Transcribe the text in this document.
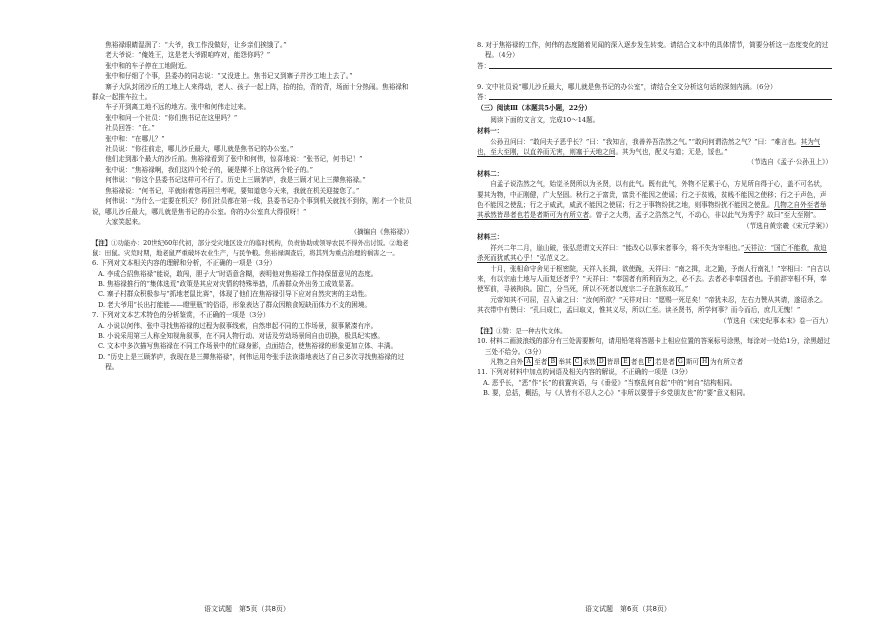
焦裕禄眼睛湿润了：“大爷，我工作没做好，让乡亲们挨饿了。”

老大爷说：“俺姓王，这是老大爷跟咱咋对，能怨你吗？”

张中和的车子停在工地附近。

张中和仔细了个事，县委办的同志说：“又没进上。焦书记又到寨子井沙工地上去了。”

寨子大队封闭沙丘的工地上人来得动，老人、孩子一起上阵，抬的抬，背的背，场面十分热闹。焦裕禄和群众一起推车拉土。

车子开到离工地不远的地方。张中和何伟走过来。

张中和问一个社员：“你们焦书记在这里吗？”

社员回答：“在。”

张中和：“在哪儿？”

社员说：“你往前走，哪儿沙丘最大，哪儿就是焦书记的办公室。”

他们走到那个最大的沙丘前。焦裕禄看到了张中和何伟，惊喜地说：“张书记，何书记！”

张中说：“焦裕禄啊，我们这四个轮子的，硬是撵不上你这两个轮子的。”

何伟说：“你这个县委书记这样可不行了。历史上三顾茅庐，我是三顾才见上三撵焦裕禄。”

焦裕禄说：“何书记，平就盼着您再回兰考呢，要知道您今天来，我就在机关迎接您了。”

何伟说：“为什么一定要在机关？你们社员都在第一线，县委书记办个事到机关就找不到你，刚才一个社员说，哪儿沙丘最大，哪儿就是焦书记的办公室。你的办公室真大得很呀！”

大家笑起来。

（摘编自《焦裕禄》）

【注】①功能办：20世纪60年代初，部分受灾地区设立的临时机构，负责协助或领导农民不得外出讨饭。②地老鼠：田鼠。灾荒时期，地老鼠严重破坏农业生产，与民争粮。焦裕禄调查后，将其列为重点治理的祸害之一。

6. 下列对文本相关内容的理解和分析，不正确的一项是（3分）

A. 李成合招焦裕禄“能说，敢闯，胆子大”时语意含糊，表明他对焦裕禄工作持保留意见的态度。

B. 焦裕禄推行的“集体选荒”政策是其应对灾情的特殊举措，爪善群众外出务工成效显著。

C. 寨子村群众积极参与“抓地老鼠比赛”，体现了他们在焦裕禄引导下应对自然灾害的主动性。

D. 老大爷用“长出打能能——瞪里瓶”的俗语，形象表达了群众因粮食短缺而体力不支的困境。

7. 下列对文本艺术特色的分析鉴赏，不正确的一项是（3分）

A. 小说以何伟、张中寻找焦裕禄的过程为叙事线索，自然串起不同的工作场景，叙事紧凑有序。

B. 小说采用第三人称全知视角叙事，在不同人物行动、对话及劳动场景间自由切换，极具纪实感。

C. 文本中多次描写焦裕禄在不同工作场景中的忙碌身影，点面结合，使焦裕禄的形象更加立体、丰满。

D. “历史上是三顾茅庐，我现在是三撵焦裕禄”，何伟运用夸张手法诙谐地表达了自己多次寻找焦裕禄的过程。

语文试题　第5页（共8页）

8. 对于焦裕禄的工作，何伟的态度随着见闻的深入逐步发生转变。请结合文本中的具体情节，简要分析这一态度变化的过程。（4分）

答：

9. 文中社员说“哪儿沙丘最大，哪儿就是焦书记的办公室”，请结合全文分析这句话的深刻内涵。（6分）

答：

（三）阅读Ⅲ（本题共5小题，22分）

阅读下面的文言文，完成10～14题。

材料一：

公孙丑问曰：“敢问夫子恶乎长？”曰：“我知言，我善养吾浩然之气。”“敢问何谓浩然之气？”曰：“难言也。其为气也，至大至刚，以直养而无害，则塞于天地之间。其为气也，配义与道；无是，馁也。”

（节选自《孟子·公孙丑上》）

材料二：

自孟子说浩然之气，始觉圣贤所以为圣贤，以有此气。既有此气，外物不足累于心，方见所自得于心，盖不可名状，要其为物，中正刚健，广大坚固。秋行之于富贵，富贵不能因之使谣；行之于贫贱，贫贱不能因之使移；行之于声色，声色不能因之使乱；行之于威武，威武不能因之使屈；行之于事物纷扰之地，则事物纷扰不能因之使乱。几物之自外至者举其承然皆昂者也若是者斯可为有所立者。曾子之大勇，孟子之浩然之气，不动心，非以此气为秀乎？故曰“至大至刚”。

（节选自黄宗羲《宋元学案》）

材料三：

祥兴二年二月，崖山破，张弘范谓文天祥曰：“能改心以事宋者事今，将不失为宰相也。”天祥泣：“国亡不能救，敌迫杀死而犹贰其心乎！”弘范义之。

十月，张相命守舍见于枢密院，天祥入长揖，欲使跪，天祥曰：“南之揖，北之跪，予南人行南礼！”宰相曰：“自古以来，有以宗庙土地与人而复还者乎？”天祥曰：“奉国者有所利而为之，必不去。去者必非奉国者也。予前辞宰相不拜，奉使军前，寻被拘执。国亡，分当死，所以不死者以度宗二子在浙东故耳。”

元帝知其不可屈，召入谕之曰：“汝何所欲？”天祥对曰：“愿赐一死足矣！”帝犹未忍，左右力赞从其请，遂诏杀之。其衣带中有赞曰：“孔曰成仁，孟曰取义，惟其义尽，所以仁至。读圣贤书，所学何事？而今而后，庶几无愧！”

（节选自《宋史纪事本末》卷一百九）

【注】①赞：是一种古代文体。

10. 材料二画波浪线的部分有三处需要断句，请用铅笔将答题卡上相应位置的答案标号涂黑，每涂对一处给1分，涂黑超过三处不给分。（3分）

凡物之自外 A 至者 B 举其 C 承然 D 皆昂 E 者也 F 若是者 G 斯可 H 为有所立者

11. 下列对材料中加点的词语及相关内容的解说，不正确的一项是（3分）

A. 恶乎长，“恶”作“长”的前置宾语，与《垂爱》“当察乱何自起”中的“何自”结构相同。

B. 要，总括，概括，与《人皆有不忍人之心》“非所以要誉于乡党朋友也”的“要”意义相同。

语文试题　第6页（共8页）
